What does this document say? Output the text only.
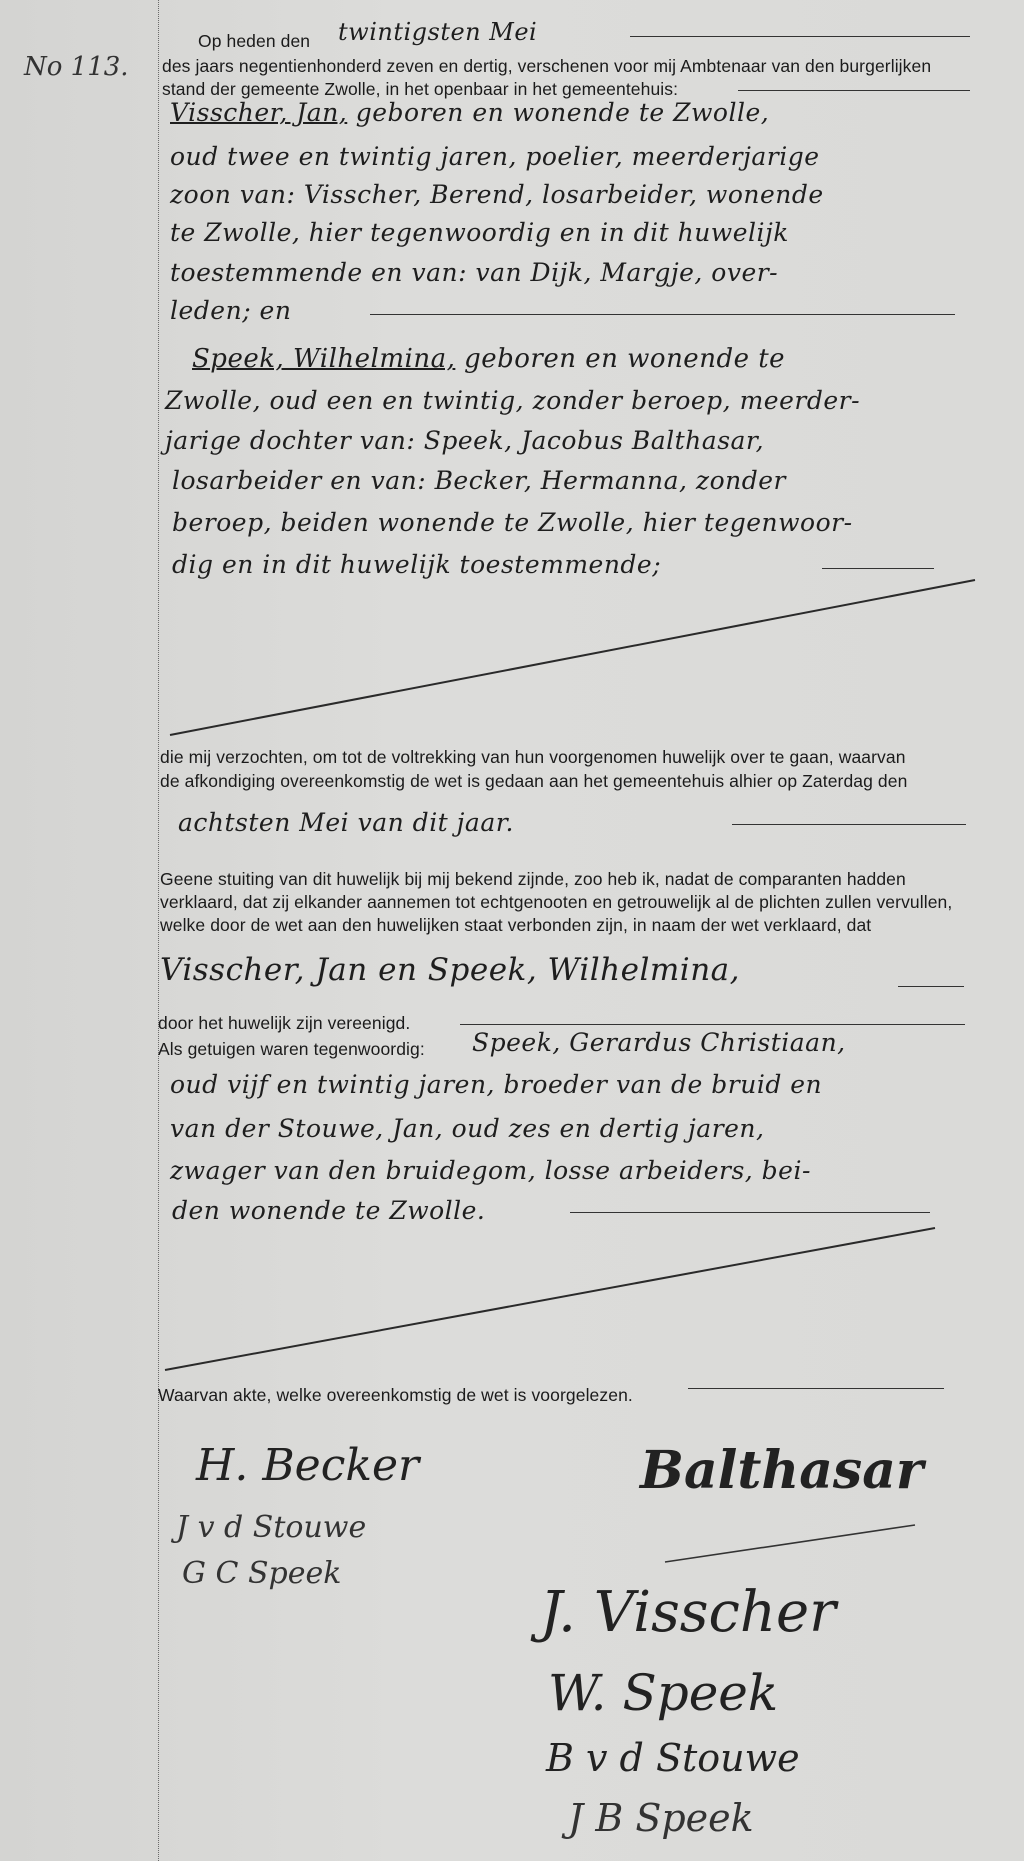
No 113.
Op heden den twintigsten Mei
des jaars negentienhonderd zeven en dertig, verschenen voor mij Ambtenaar van den burgerlijken
stand der gemeente Zwolle, in het openbaar in het gemeentehuis:
Visscher, Jan, geboren en wonende te Zwolle,
oud twee en twintig jaren, poelier, meerderjarige
zoon van: Visscher, Berend, losarbeider, wonende
te Zwolle, hier tegenwoordig en in dit huwelijk
toestemmende en van: van Dijk, Margje, over-
leden; en
Speek, Wilhelmina, geboren en wonende te
Zwolle, oud een en twintig, zonder beroep, meerder-
jarige dochter van: Speek, Jacobus Balthasar,
losarbeider en van: Becker, Hermanna, zonder
beroep, beiden wonende te Zwolle, hier tegenwoor-
dig en in dit huwelijk toestemmende;
die mij verzochten, om tot de voltrekking van hun voorgenomen huwelijk over te gaan, waarvan
de afkondiging overeenkomstig de wet is gedaan aan het gemeentehuis alhier op Zaterdag den
achtsten Mei van dit jaar.
Geene stuiting van dit huwelijk bij mij bekend zijnde, zoo heb ik, nadat de comparanten hadden
verklaard, dat zij elkander aannemen tot echtgenooten en getrouwelijk al de plichten zullen vervullen,
welke door de wet aan den huwelijken staat verbonden zijn, in naam der wet verklaard, dat
Visscher, Jan en Speek, Wilhelmina,
door het huwelijk zijn vereenigd.
Als getuigen waren tegenwoordig: Speek, Gerardus Christiaan,
oud vijf en twintig jaren, broeder van de bruid en
van der Stouwe, Jan, oud zes en dertig jaren,
zwager van den bruidegom, losse arbeiders, bei-
den wonende te Zwolle.
Waarvan akte, welke overeenkomstig de wet is voorgelezen.
H. Becker
J v d Stouwe
G C Speek
Balthasar
J. Visscher
W. Speek
B v d Stouwe
J B Speek
